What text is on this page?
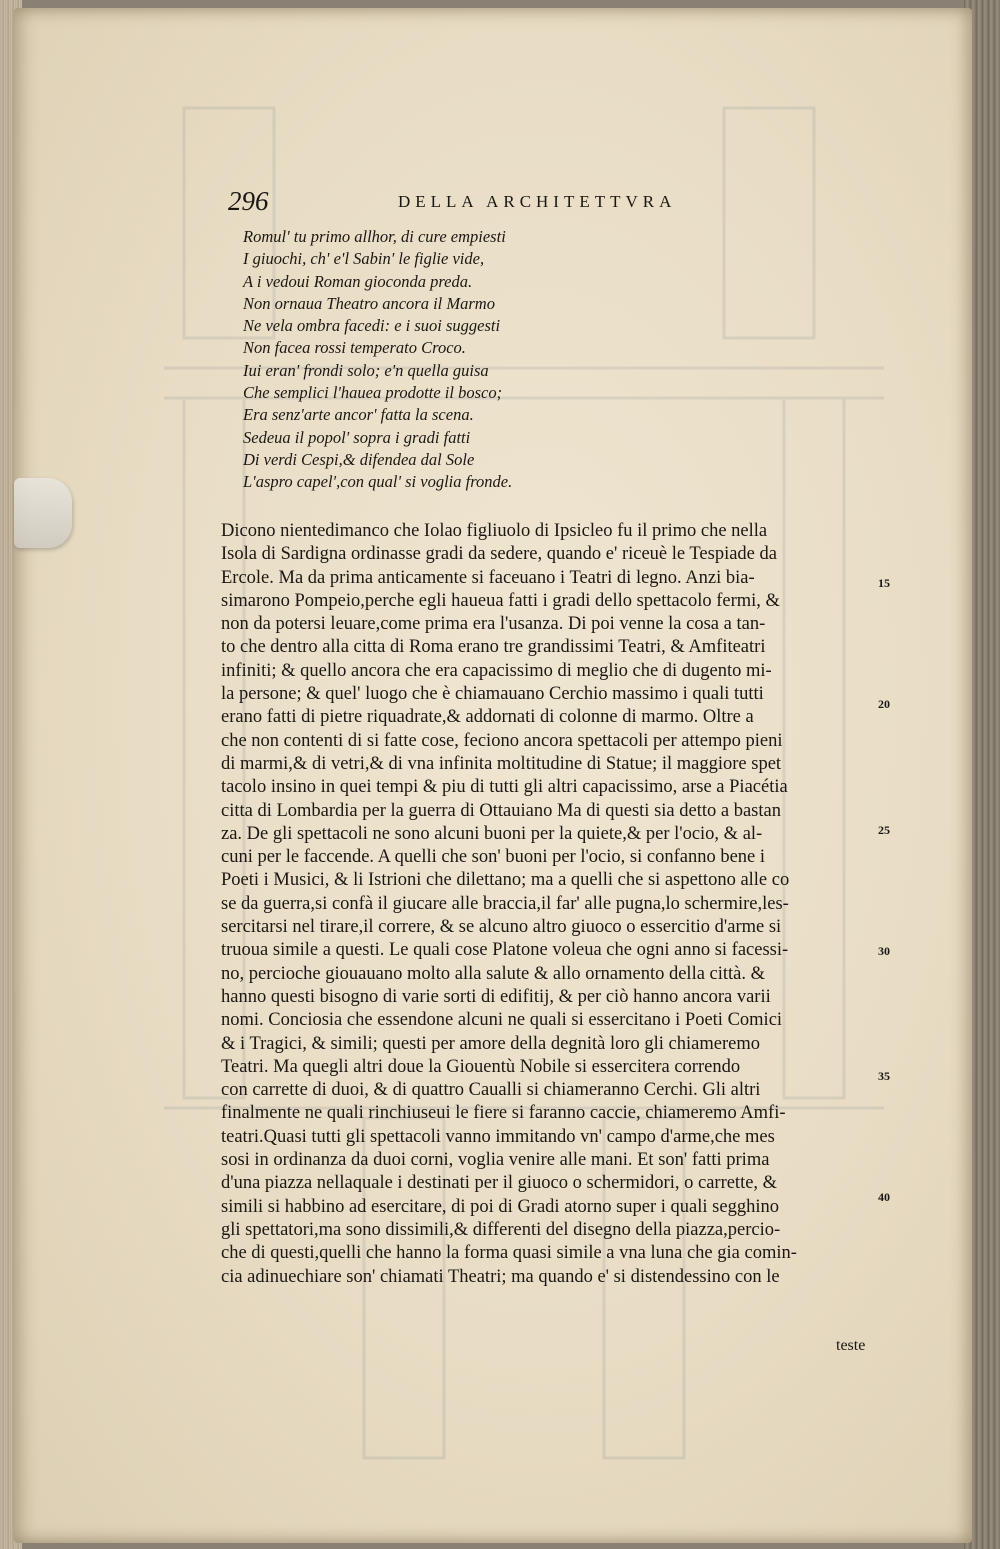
296	DELLA ARCHITETTVRA
Romul' tu primo allhor, di cure empiesti
I giuochi, ch' e'l Sabin' le figlie vide,
A i vedoui Roman gioconda preda.
Non ornaua Theatro ancora il Marmo
Ne vela ombra facedi: e i suoi suggesti
Non facea rossi temperato Croco.
Iui eran' frondi solo; e'n quella guisa
Che semplici l'hauea prodotte il bosco;
Era senz'arte ancor' fatta la scena.
Sedeua il popol' sopra i gradi fatti
Di verdi Cespi,& difendea dal Sole
L'aspro capel',con qual' si voglia fronde.
Dicono nientedimanco che Iolao figliuolo di Ipsicleo fu il primo che nella
Isola di Sardigna ordinasse gradi da sedere, quando e' riceuè le Tespiade da
Ercole. Ma da prima anticamente si faceuano i Teatri di legno. Anzi bia-
simarono Pompeio,perche egli haueua fatti i gradi dello spettacolo fermi, &
non da potersi leuare,come prima era l'usanza. Di poi venne la cosa a tan-
to che dentro alla citta di Roma erano tre grandissimi Teatri, & Amfiteatri
infiniti; & quello ancora che era capacissimo di meglio che di dugento mi-
la persone; & quel' luogo che è chiamauano Cerchio massimo i quali tutti
erano fatti di pietre riquadrate,& addornati di colonne di marmo. Oltre a
che non contenti di si fatte cose, feciono ancora spettacoli per attempo pieni
di marmi,& di vetri,& di vna infinita moltitudine di Statue; il maggiore spet
tacolo insino in quei tempi & piu di tutti gli altri capacissimo, arse a Piacétia
citta di Lombardia per la guerra di Ottauiano Ma di questi sia detto a bastan
za. De gli spettacoli ne sono alcuni buoni per la quiete,& per l'ocio, & al-
cuni per le faccende. A quelli che son' buoni per l'ocio, si confanno bene i
Poeti i Musici, & li Istrioni che dilettano; ma a quelli che si aspettono alle co
se da guerra,si confà il giucare alle braccia,il far' alle pugna,lo schermire,les-
sercitarsi nel tirare,il correre, & se alcuno altro giuoco o essercitio d'arme si
truoua simile a questi. Le quali cose Platone voleua che ogni anno si facessi-
no, percioche giouauano molto alla salute & allo ornamento della città. &
hanno questi bisogno di varie sorti di edifitij, & per ciò hanno ancora varii
nomi. Conciosia che essendone alcuni ne quali si essercitano i Poeti Comici
& i Tragici, & simili; questi per amore della degnità loro gli chiameremo
Teatri. Ma quegli altri doue la Giouentù Nobile si essercitera correndo
con carrette di duoi, & di quattro Caualli si chiameranno Cerchi. Gli altri
finalmente ne quali rinchiuseui le fiere si faranno caccie, chiameremo Amfi-
teatri.Quasi tutti gli spettacoli vanno immitando vn' campo d'arme,che mes
sosi in ordinanza da duoi corni, voglia venire alle mani. Et son' fatti prima
d'una piazza nellaquale i destinati per il giuoco o schermidori, o carrette, &
simili si habbino ad esercitare, di poi di Gradi atorno super i quali segghino
gli spettatori,ma sono dissimili,& differenti del disegno della piazza,percio-
che di questi,quelli che hanno la forma quasi simile a vna luna che gia comin-
cia adinuechiare son' chiamati Theatri; ma quando e' si distendessino con le
15
20
25
30
35
40
teste
